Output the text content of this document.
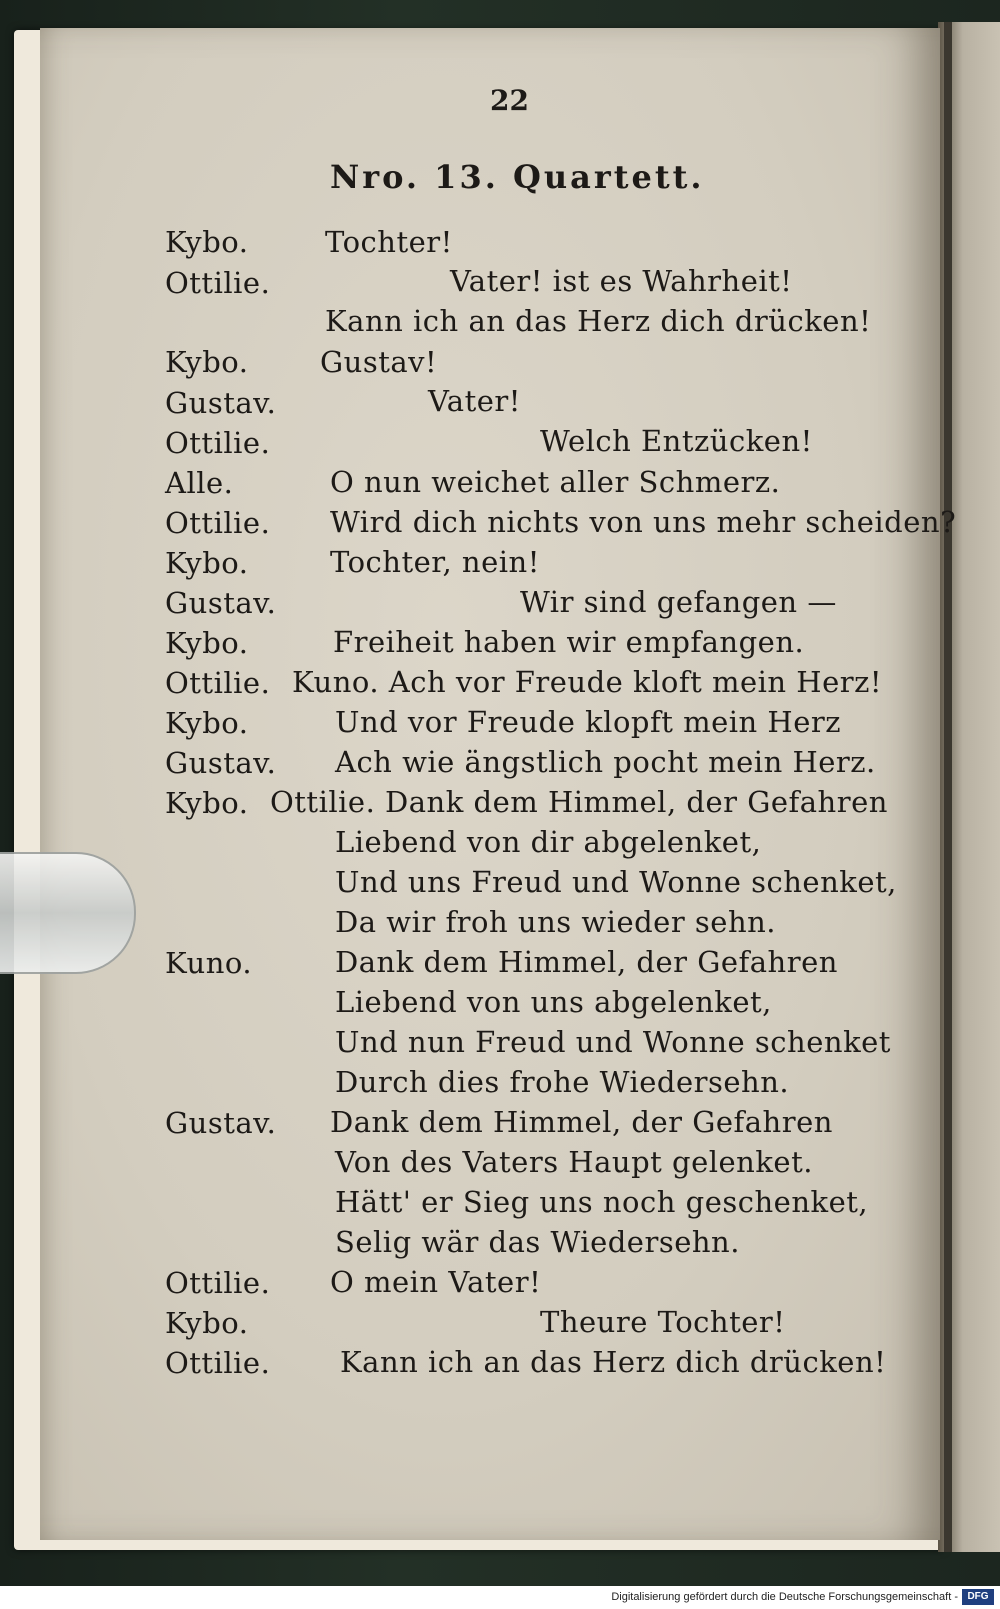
22
Nro. 13. Quartett.
Kybo.	Tochter!
Ottilie.	Vater! ist es Wahrheit!
Kann ich an das Herz dich drücken!
Kybo. Gustav!
Gustav.	Vater!
Ottilie.	Welch Entzücken!
Alle.	O nun weichet aller Schmerz.
Ottilie. Wird dich nichts von uns mehr scheiden?
Kybo.	Tochter, nein!
Gustav.	Wir sind gefangen —
Kybo.	Freiheit haben wir empfangen.
Ottilie. Kuno. Ach vor Freude kloft mein Herz!
Kybo.	Und vor Freude klopft mein Herz
Gustav. Ach wie ängstlich pocht mein Herz.
Kybo. Ottilie. Dank dem Himmel, der Gefahren
Liebend von dir abgelenket,
Und uns Freud und Wonne schenket,
Da wir froh uns wieder sehn.
Kuno.	Dank dem Himmel, der Gefahren
Liebend von uns abgelenket,
Und nun Freud und Wonne schenket
Durch dies frohe Wiedersehn.
Gustav. Dank dem Himmel, der Gefahren
Von des Vaters Haupt gelenket.
Hätt' er Sieg uns noch geschenket,
Selig wär das Wiedersehn.
Ottilie. O mein Vater!
Kybo.	Theure Tochter!
Ottilie. Kann ich an das Herz dich drücken!
Digitalisierung gefördert durch die Deutsche Forschungsgemeinschaft - DFG
